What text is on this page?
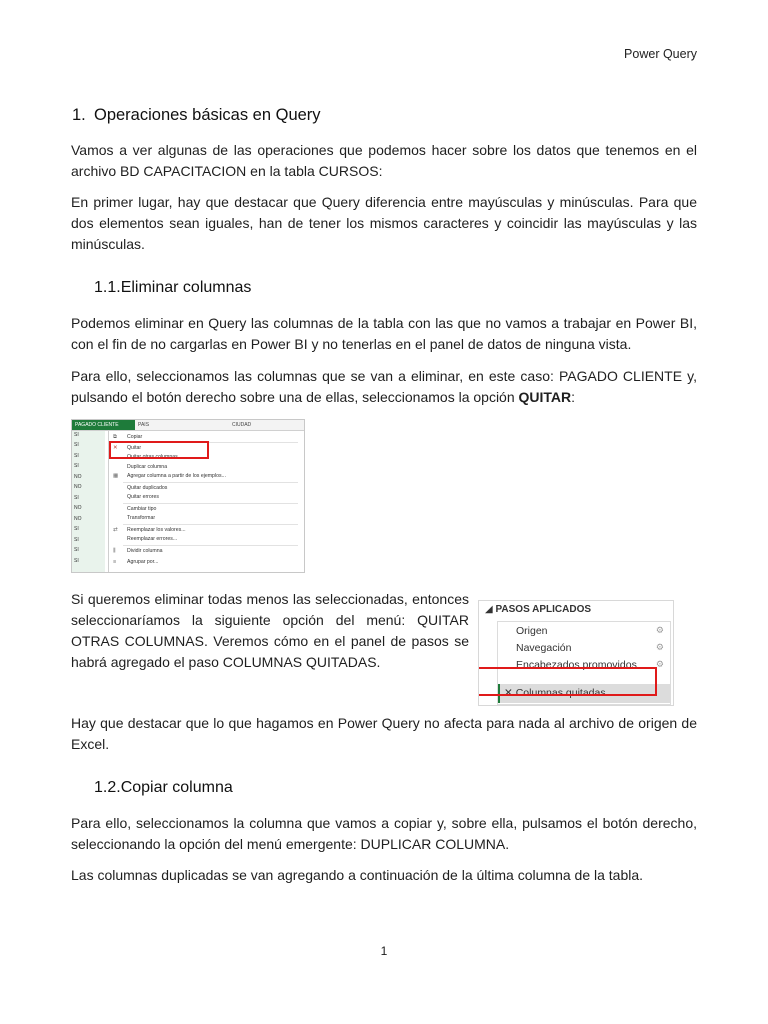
Power Query
1. Operaciones básicas en Query
Vamos a ver algunas de las operaciones que podemos hacer sobre los datos que tenemos en el archivo BD CAPACITACION en la tabla CURSOS:
En primer lugar, hay que destacar que Query diferencia entre mayúsculas y minúsculas. Para que dos elementos sean iguales, han de tener los mismos caracteres y coincidir las mayúsculas y las minúsculas.
1.1.Eliminar columnas
Podemos eliminar en Query las columnas de la tabla con las que no vamos a trabajar en Power BI, con el fin de no cargarlas en Power BI y no tenerlas en el panel de datos de ninguna vista.
Para ello, seleccionamos las columnas que se van a eliminar, en este caso: PAGADO CLIENTE y, pulsando el botón derecho sobre una de ellas, seleccionamos la opción QUITAR:
PAGADO CLIENTE	PAIS	CIUDAD
SI
SI
SI
SI
NO
NO
SI
NO
NO
SI
SI
SI
SI
⧉	Copiar
✕	Quitar
Quitar otras columnas
Duplicar columna
▦	Agregar columna a partir de los ejemplos...
Quitar duplicados
Quitar errores
Cambiar tipo
Transformar
⇄	Reemplazar los valores...
Reemplazar errores...
⫼	Dividir columna
≡	Agrupar por...
Si queremos eliminar todas menos las seleccionadas, entonces seleccionaríamos la siguiente opción del menú: QUITAR OTRAS COLUMNAS. Veremos cómo en el panel de pasos se habrá agregado el paso COLUMNAS QUITADAS.
◢ PASOS APLICADOS
Origen	⚙
Navegación	⚙
Encabezados promovidos ⚙
✕ Columnas quitadas
Hay que destacar que lo que hagamos en Power Query no afecta para nada al archivo de origen de Excel.
1.2.Copiar columna
Para ello, seleccionamos la columna que vamos a copiar y, sobre ella, pulsamos el botón derecho, seleccionando la opción del menú emergente: DUPLICAR COLUMNA.
Las columnas duplicadas se van agregando a continuación de la última columna de la tabla.
1
